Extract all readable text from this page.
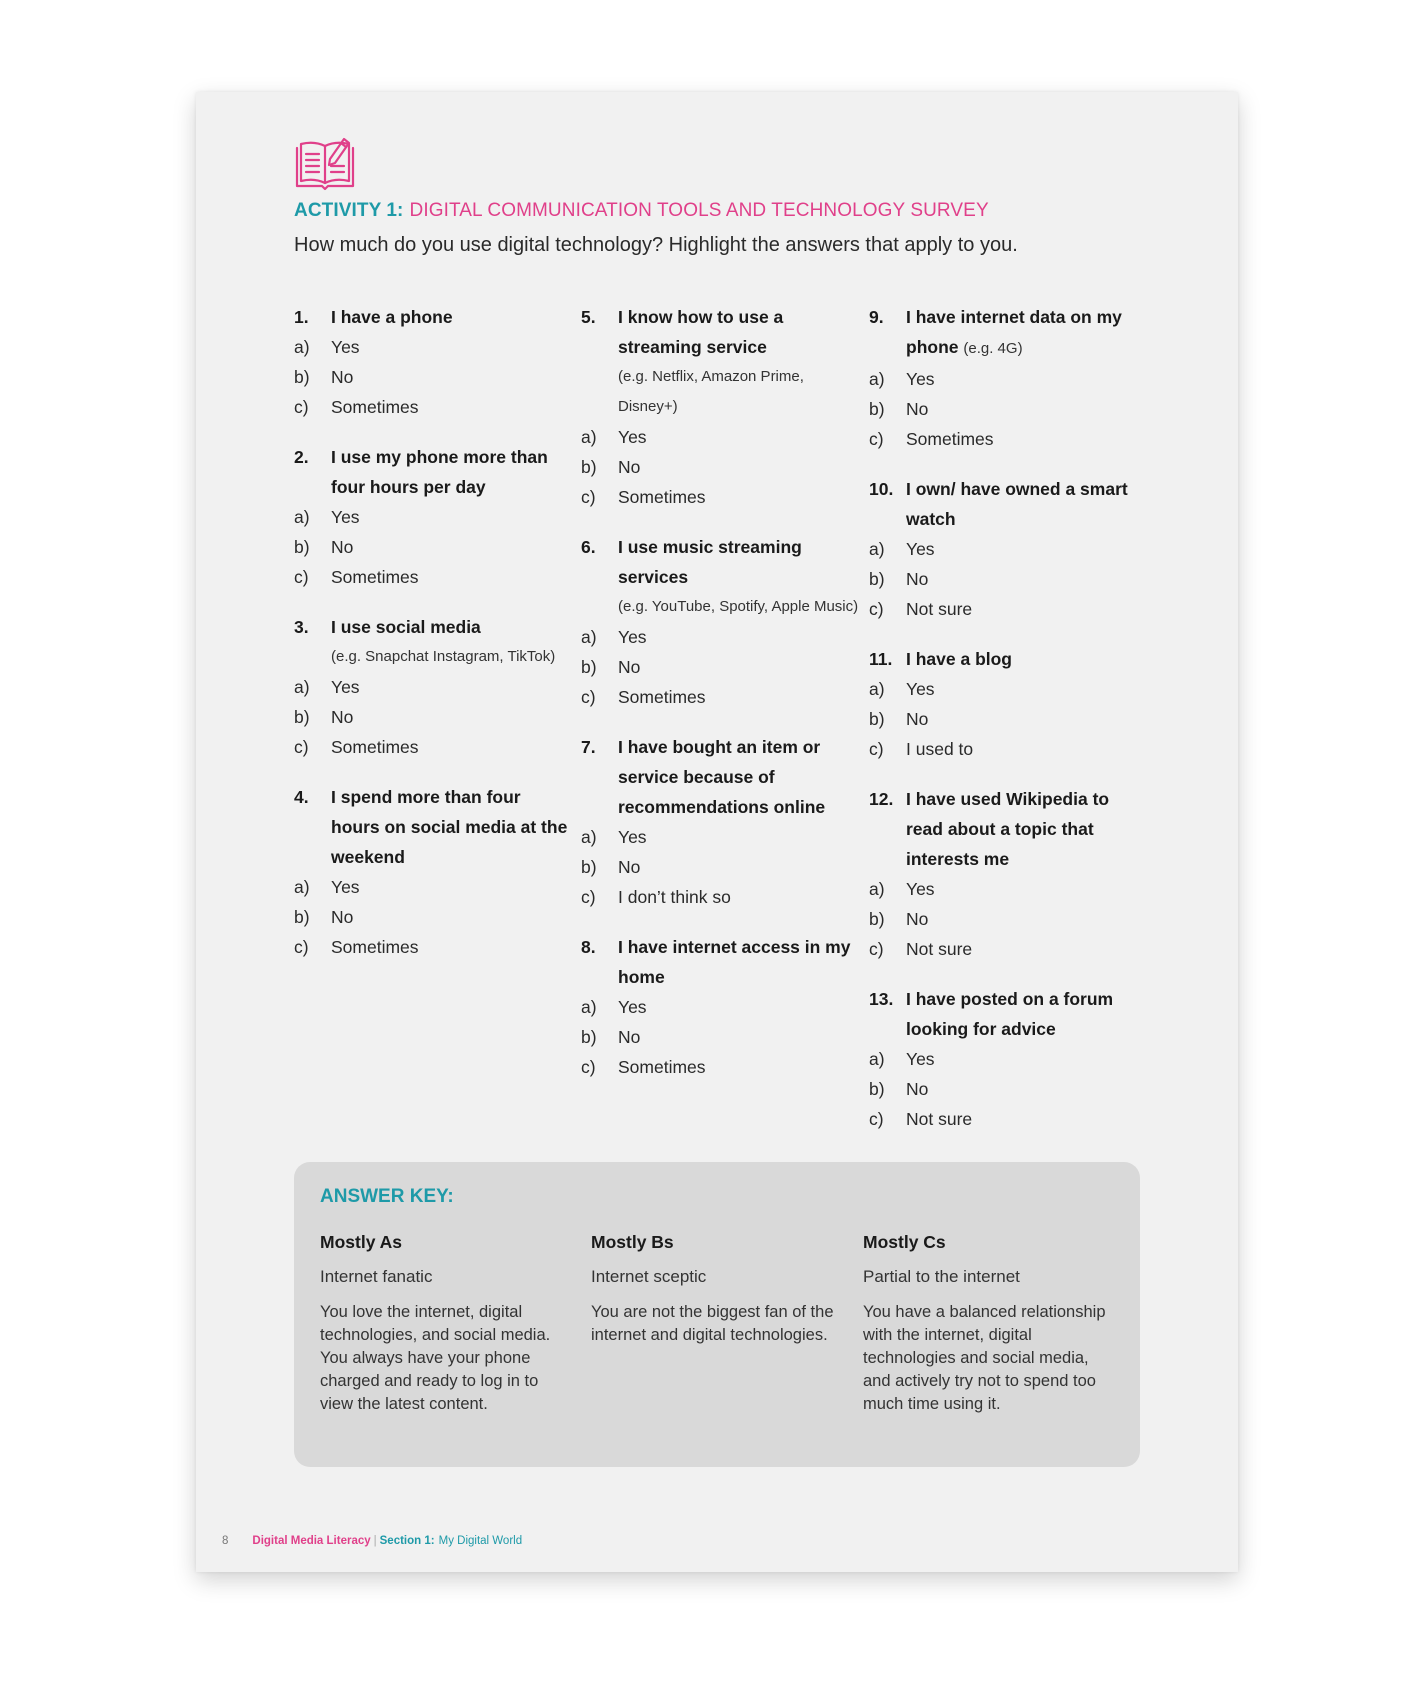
ACTIVITY 1: DIGITAL COMMUNICATION TOOLS AND TECHNOLOGY SURVEY
How much do you use digital technology? Highlight the answers that apply to you.
1.	I have a phone
a)	Yes
b)	No
c)	Sometimes
2.	I use my phone more than four hours per day
a)	Yes
b)	No
c)	Sometimes
3.	I use social media
(e.g. Snapchat Instagram, TikTok)
a)	Yes
b)	No
c)	Sometimes
4.	I spend more than four hours on social media at the weekend
a)	Yes
b)	No
c)	Sometimes
5.	I know how to use a streaming service
(e.g. Netflix, Amazon Prime, Disney+)
a)	Yes
b)	No
c)	Sometimes
6.	I use music streaming services
(e.g. YouTube, Spotify, Apple Music)
a)	Yes
b)	No
c)	Sometimes
7.	I have bought an item or service because of recommendations online
a)	Yes
b)	No
c)	I don’t think so
8.	I have internet access in my home
a)	Yes
b)	No
c)	Sometimes
9.	I have internet data on my phone (e.g. 4G)
a)	Yes
b)	No
c)	Sometimes
10. I own/ have owned a smart watch
a)	Yes
b)	No
c)	Not sure
11. I have a blog
a)	Yes
b)	No
c)	I used to
12. I have used Wikipedia to read about a topic that interests me
a)	Yes
b)	No
c)	Not sure
13. I have posted on a forum looking for advice
a)	Yes
b)	No
c)	Not sure
ANSWER KEY:
Mostly As
Internet fanatic
You love the internet, digital technologies, and social media. You always have your phone charged and ready to log in to view the latest content.
Mostly Bs
Internet sceptic
You are not the biggest fan of the internet and digital technologies.
Mostly Cs
Partial to the internet
You have a balanced relationship with the internet, digital technologies and social media, and actively try not to spend too much time using it.
8 Digital Media Literacy | Section 1: My Digital World
